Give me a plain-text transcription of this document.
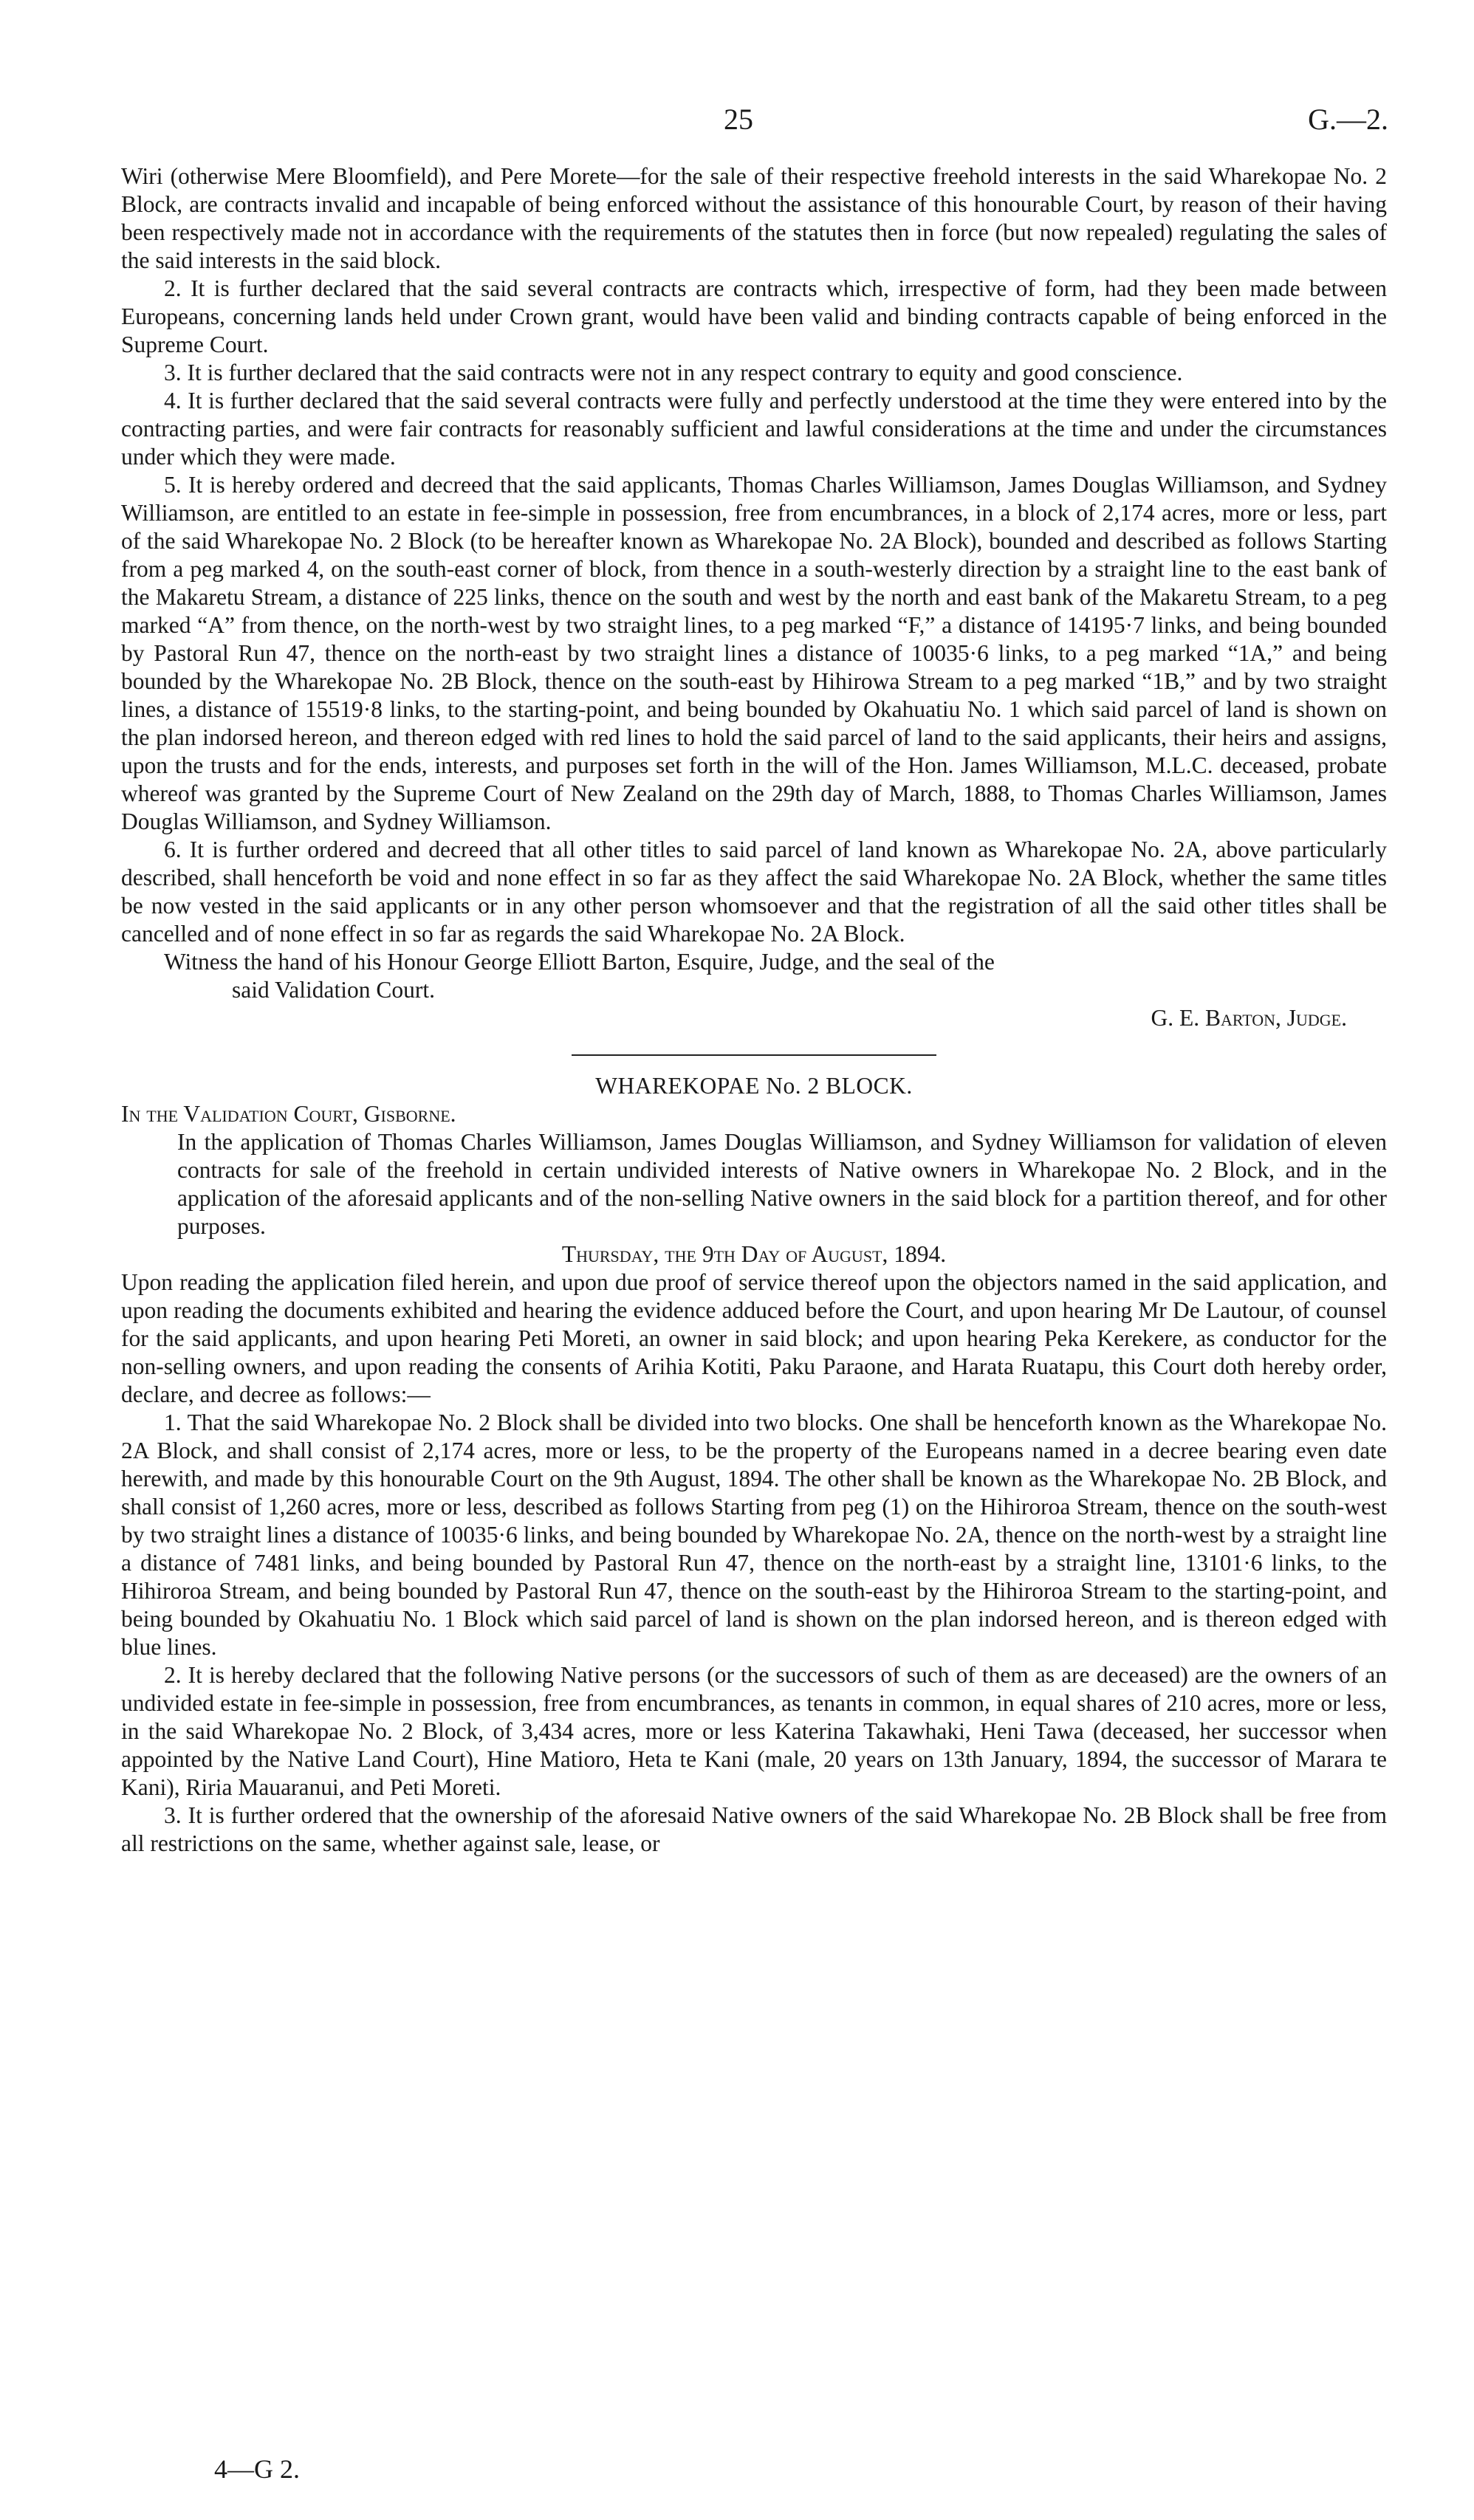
25	G.—2.

Wiri (otherwise Mere Bloomfield), and Pere Morete—for the sale of their respective freehold interests in the said Wharekopae No. 2 Block, are contracts invalid and incapable of being enforced without the assistance of this honourable Court, by reason of their having been respectively made not in accordance with the requirements of the statutes then in force (but now repealed) regulating the sales of the said interests in the said block.

2. It is further declared that the said several contracts are contracts which, irrespective of form, had they been made between Europeans, concerning lands held under Crown grant, would have been valid and binding contracts capable of being enforced in the Supreme Court.

3. It is further declared that the said contracts were not in any respect contrary to equity and good conscience.

4. It is further declared that the said several contracts were fully and perfectly understood at the time they were entered into by the contracting parties, and were fair contracts for reasonably sufficient and lawful considerations at the time and under the circumstances under which they were made.

5. It is hereby ordered and decreed that the said applicants, Thomas Charles Williamson, James Douglas Williamson, and Sydney Williamson, are entitled to an estate in fee-simple in possession, free from encumbrances, in a block of 2,174 acres, more or less, part of the said Wharekopae No. 2 Block (to be hereafter known as Wharekopae No. 2A Block), bounded and described as follows Starting from a peg marked 4, on the south-east corner of block, from thence in a south-westerly direction by a straight line to the east bank of the Makaretu Stream, a distance of 225 links, thence on the south and west by the north and east bank of the Makaretu Stream, to a peg marked “A” from thence, on the north-west by two straight lines, to a peg marked “F,” a distance of 14195·7 links, and being bounded by Pastoral Run 47, thence on the north-east by two straight lines a distance of 10035·6 links, to a peg marked “1A,” and being bounded by the Wharekopae No. 2B Block, thence on the south-east by Hihirowa Stream to a peg marked “1B,” and by two straight lines, a distance of 15519·8 links, to the starting-point, and being bounded by Okahuatiu No. 1 which said parcel of land is shown on the plan indorsed hereon, and thereon edged with red lines to hold the said parcel of land to the said applicants, their heirs and assigns, upon the trusts and for the ends, interests, and purposes set forth in the will of the Hon. James Williamson, M.L.C. deceased, probate whereof was granted by the Supreme Court of New Zealand on the 29th day of March, 1888, to Thomas Charles Williamson, James Douglas Williamson, and Sydney Williamson.

6. It is further ordered and decreed that all other titles to said parcel of land known as Wharekopae No. 2A, above particularly described, shall henceforth be void and none effect in so far as they affect the said Wharekopae No. 2A Block, whether the same titles be now vested in the said applicants or in any other person whomsoever and that the registration of all the said other titles shall be cancelled and of none effect in so far as regards the said Wharekopae No. 2A Block.

Witness the hand of his Honour George Elliott Barton, Esquire, Judge, and the seal of the

said Validation Court.

G. E. Barton, Judge.

WHAREKOPAE No. 2 BLOCK.

In the Validation Court, Gisborne.

In the application of Thomas Charles Williamson, James Douglas Williamson, and Sydney Williamson for validation of eleven contracts for sale of the freehold in certain undivided interests of Native owners in Wharekopae No. 2 Block, and in the application of the aforesaid applicants and of the non-selling Native owners in the said block for a partition thereof, and for other purposes.

Thursday, the 9th Day of August, 1894.

Upon reading the application filed herein, and upon due proof of service thereof upon the objectors named in the said application, and upon reading the documents exhibited and hearing the evidence adduced before the Court, and upon hearing Mr De Lautour, of counsel for the said applicants, and upon hearing Peti Moreti, an owner in said block; and upon hearing Peka Kerekere, as conductor for the non-selling owners, and upon reading the consents of Arihia Kotiti, Paku Paraone, and Harata Ruatapu, this Court doth hereby order, declare, and decree as follows:—

1. That the said Wharekopae No. 2 Block shall be divided into two blocks. One shall be henceforth known as the Wharekopae No. 2A Block, and shall consist of 2,174 acres, more or less, to be the property of the Europeans named in a decree bearing even date herewith, and made by this honourable Court on the 9th August, 1894. The other shall be known as the Wharekopae No. 2B Block, and shall consist of 1,260 acres, more or less, described as follows Starting from peg (1) on the Hihiroroa Stream, thence on the south-west by two straight lines a distance of 10035·6 links, and being bounded by Wharekopae No. 2A, thence on the north-west by a straight line a distance of 7481 links, and being bounded by Pastoral Run 47, thence on the north-east by a straight line, 13101·6 links, to the Hihiroroa Stream, and being bounded by Pastoral Run 47, thence on the south-east by the Hihiroroa Stream to the starting-point, and being bounded by Okahuatiu No. 1 Block which said parcel of land is shown on the plan indorsed hereon, and is thereon edged with blue lines.

2. It is hereby declared that the following Native persons (or the successors of such of them as are deceased) are the owners of an undivided estate in fee-simple in possession, free from encumbrances, as tenants in common, in equal shares of 210 acres, more or less, in the said Wharekopae No. 2 Block, of 3,434 acres, more or less Katerina Takawhaki, Heni Tawa (deceased, her successor when appointed by the Native Land Court), Hine Matioro, Heta te Kani (male, 20 years on 13th January, 1894, the successor of Marara te Kani), Riria Mauaranui, and Peti Moreti.

3. It is further ordered that the ownership of the aforesaid Native owners of the said Wharekopae No. 2B Block shall be free from all restrictions on the same, whether against sale, lease, or

4—G 2.
